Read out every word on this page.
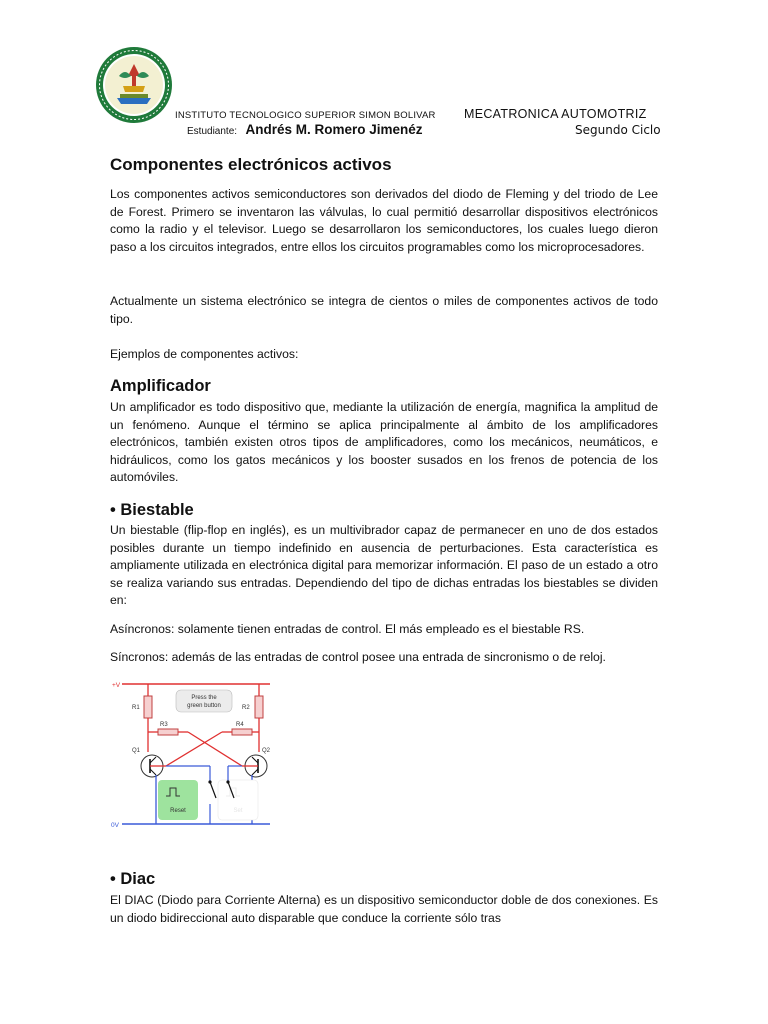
INSTITUTO TECNOLOGICO SUPERIOR SIMON BOLIVAR MECATRONICA AUTOMOTRIZ
Estudiante: Andrés M. Romero Jimenéz	Segundo Ciclo
Componentes electrónicos activos
Los componentes activos semiconductores son derivados del diodo de Fleming y del triodo de Lee de Forest. Primero se inventaron las válvulas, lo cual permitió desarrollar dispositivos electrónicos como la radio y el televisor. Luego se desarrollaron los semiconductores, los cuales luego dieron paso a los circuitos integrados, entre ellos los circuitos programables como los microprocesadores.
Actualmente un sistema electrónico se integra de cientos o miles de componentes activos de todo tipo.
Ejemplos de componentes activos:
Amplificador
Un amplificador es todo dispositivo que, mediante la utilización de energía, magnifica la amplitud de un fenómeno. Aunque el término se aplica principalmente al ámbito de los amplificadores electrónicos, también existen otros tipos de amplificadores, como los mecánicos, neumáticos, e hidráulicos, como los gatos mecánicos y los booster susados en los frenos de potencia de los automóviles.
• Biestable
Un biestable (flip-flop en inglés), es un multivibrador capaz de permanecer en uno de dos estados posibles durante un tiempo indefinido en ausencia de perturbaciones. Esta característica es ampliamente utilizada en electrónica digital para memorizar información. El paso de un estado a otro se realiza variando sus entradas. Dependiendo del tipo de dichas entradas los biestables se dividen en:
Asíncronos: solamente tienen entradas de control. El más empleado es el biestable RS.
Síncronos: además de las entradas de control posee una entrada de sincronismo o de reloj.
+V
0V
Press the
green button
R1	R2
R3	R4
Q1	Q2
Reset	Set
• Diac
El DIAC (Diodo para Corriente Alterna) es un dispositivo semiconductor doble de dos conexiones. Es un diodo bidireccional auto disparable que conduce la corriente sólo tras
